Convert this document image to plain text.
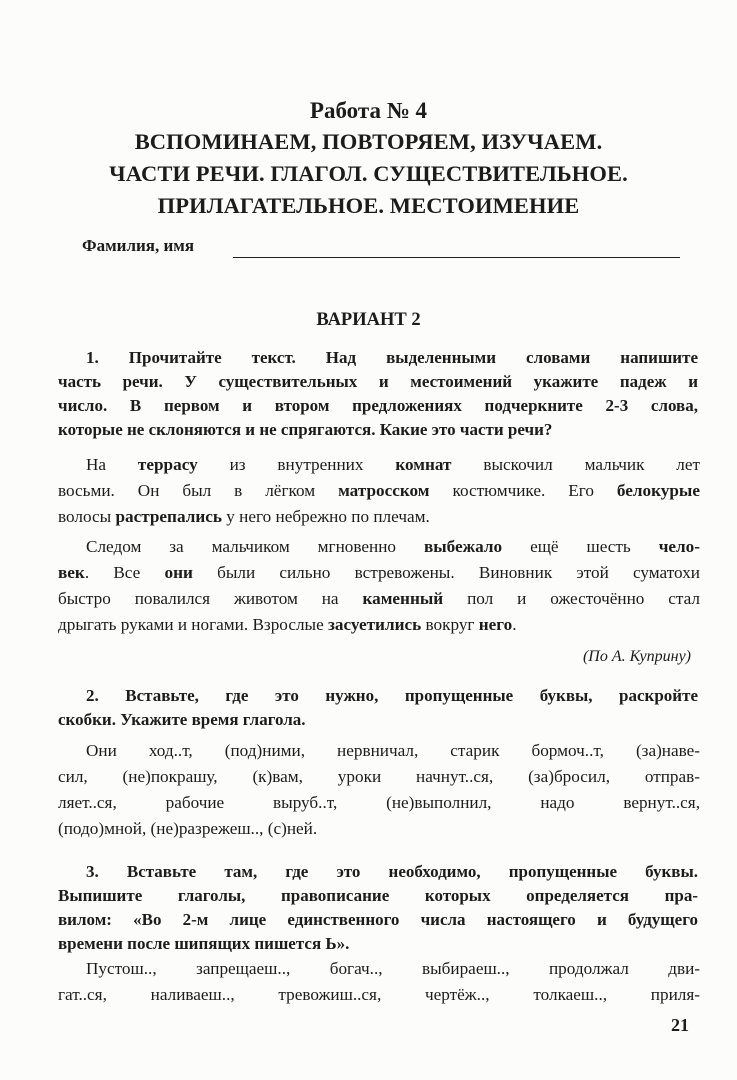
Работа № 4
ВСПОМИНАЕМ, ПОВТОРЯЕМ, ИЗУЧАЕМ.
ЧАСТИ РЕЧИ. ГЛАГОЛ. СУЩЕСТВИТЕЛЬНОЕ.
ПРИЛАГАТЕЛЬНОЕ. МЕСТОИМЕНИЕ
Фамилия, имя
ВАРИАНТ 2
1. Прочитайте текст. Над выделенными словами напишите
часть речи. У существительных и местоимений укажите падеж и
число. В первом и втором предложениях подчеркните 2-3 слова,
которые не склоняются и не спрягаются. Какие это части речи?
На террасу из внутренних комнат выскочил мальчик лет
восьми. Он был в лёгком матросском костюмчике. Его белокурые
волосы растрепались у него небрежно по плечам.
Следом за мальчиком мгновенно выбежало ещё шесть чело-
век. Все они были сильно встревожены. Виновник этой суматохи
быстро повалился животом на каменный пол и ожесточённо стал
дрыгать руками и ногами. Взрослые засуетились вокруг него.
(По А. Куприну)
2. Вставьте, где это нужно, пропущенные буквы, раскройте
скобки. Укажите время глагола.
Они ход..т, (под)ними, нервничал, старик бормоч..т, (за)наве-
сил, (не)покрашу, (к)вам, уроки начнут..ся, (за)бросил, отправ-
ляет..ся, рабочие выруб..т, (не)выполнил, надо вернут..ся,
(подо)мной, (не)разрежеш.., (с)ней.
3. Вставьте там, где это необходимо, пропущенные буквы.
Выпишите глаголы, правописание которых определяется пра-
вилом: «Во 2-м лице единственного числа настоящего и будущего
времени после шипящих пишется Ь».
Пустош.., запрещаеш.., богач.., выбираеш.., продолжал дви-
гат..ся, наливаеш.., тревожиш..ся, чертёж.., толкаеш.., приля-
21
